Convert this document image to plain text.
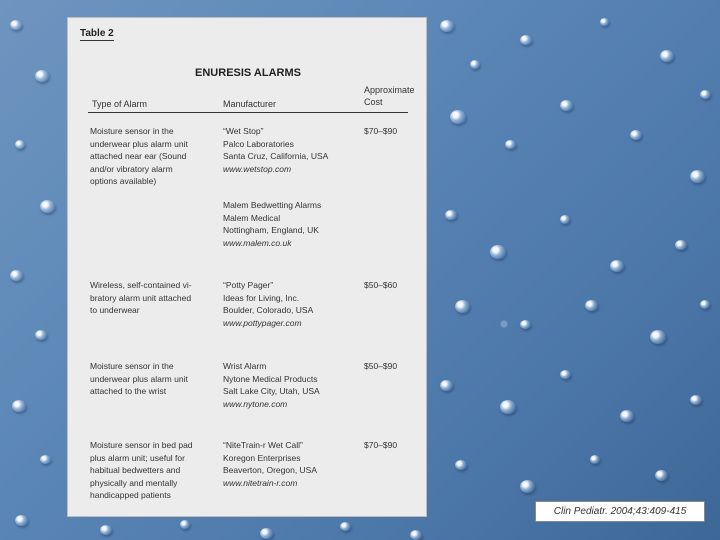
Table 2
ENURESIS ALARMS
Type of Alarm	Manufacturer
Approximate
Cost
Moisture sensor in the
underwear plus alarm unit
attached near ear (Sound
and/or vibratory alarm
options available)
“Wet Stop”
Palco Laboratories
Santa Cruz, California, USA
www.wetstop.com
$70–$90
Malem Bedwetting Alarms
Malem Medical
Nottingham, England, UK
www.malem.co.uk
Wireless, self-contained vi-
bratory alarm unit attached
to underwear
“Potty Pager”
Ideas for Living, Inc.
Boulder, Colorado, USA
www.pottypager.com
$50–$60
Moisture sensor in the
underwear plus alarm unit
attached to the wrist
Wrist Alarm
Nytone Medical Products
Salt Lake City, Utah, USA
www.nytone.com
$50–$90
Moisture sensor in bed pad
plus alarm unit; useful for
habitual bedwetters and
physically and mentally
handicapped patients
“NiteTrain-r Wet Call”
Koregon Enterprises
Beaverton, Oregon, USA
www.nitetrain-r.com
$70–$90
Clin Pediatr. 2004;43:409-415
